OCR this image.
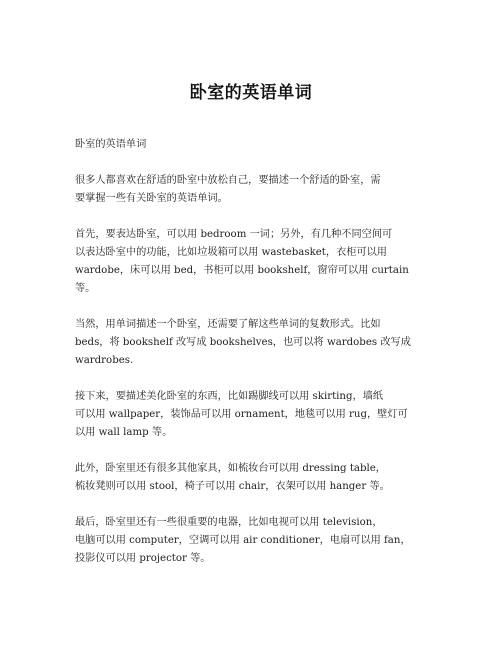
卧室的英语单词

卧室的英语单词

很多人都喜欢在舒适的卧室中放松自己，要描述一个舒适的卧室，需
要掌握一些有关卧室的英语单词。

首先，要表达卧室，可以用 bedroom 一词；另外，有几种不同空间可
以表达卧室中的功能，比如垃圾箱可以用 wastebasket，衣柜可以用
wardobe，床可以用 bed，书柜可以用 bookshelf，窗帘可以用 curtain
等。

当然，用单词描述一个卧室，还需要了解这些单词的复数形式。比如
beds，将 bookshelf 改写成 bookshelves，也可以将 wardobes 改写成
wardrobes.

接下来，要描述美化卧室的东西，比如踢脚线可以用 skirting，墙纸
可以用 wallpaper，装饰品可以用 ornament，地毯可以用 rug，壁灯可
以用 wall lamp 等。

此外，卧室里还有很多其他家具，如梳妆台可以用 dressing table，
梳妆凳则可以用 stool，椅子可以用 chair，衣架可以用 hanger 等。

最后，卧室里还有一些很重要的电器，比如电视可以用 television，
电脑可以用 computer，空调可以用 air conditioner，电扇可以用 fan，
投影仪可以用 projector 等。
